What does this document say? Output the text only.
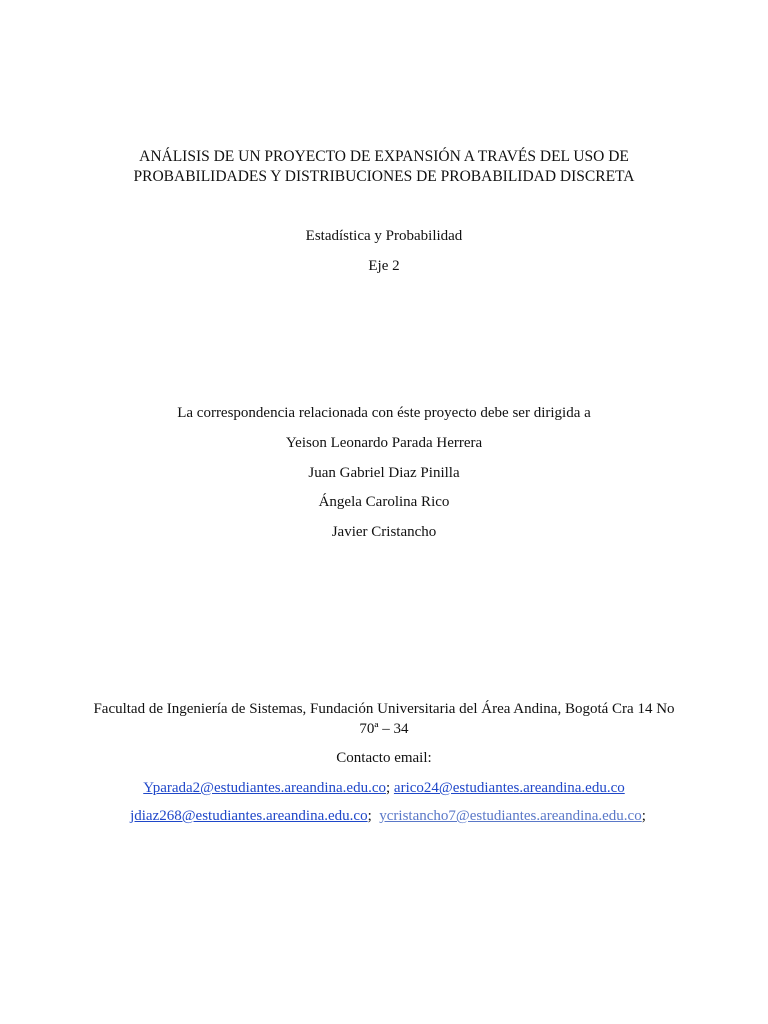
ANÁLISIS DE UN PROYECTO DE EXPANSIÓN A TRAVÉS DEL USO DE
PROBABILIDADES Y DISTRIBUCIONES DE PROBABILIDAD DISCRETA
Estadística y Probabilidad
Eje 2
La correspondencia relacionada con éste proyecto debe ser dirigida a
Yeison Leonardo Parada Herrera
Juan Gabriel Diaz Pinilla
Ángela Carolina Rico
Javier Cristancho
Facultad de Ingeniería de Sistemas, Fundación Universitaria del Área Andina, Bogotá Cra 14 No
70ª – 34
Contacto email:
Yparada2@estudiantes.areandina.edu.co; arico24@estudiantes.areandina.edu.co
jdiaz268@estudiantes.areandina.edu.co; ycristancho7@estudiantes.areandina.edu.co;
